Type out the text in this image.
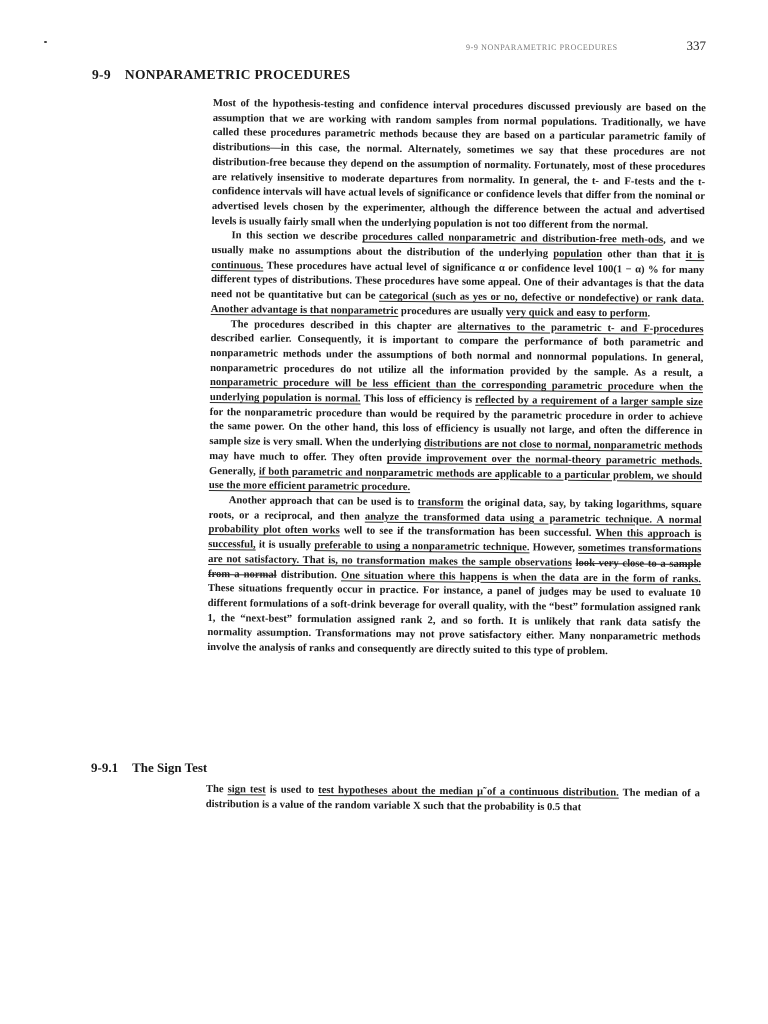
9-9 NONPARAMETRIC PROCEDURES	337
9-9 NONPARAMETRIC PROCEDURES

Most of the hypothesis-testing and confidence interval procedures discussed previously are based on the assumption that we are working with random samples from normal populations. Traditionally, we have called these procedures parametric methods because they are based on a particular parametric family of distributions—in this case, the normal. Alternately, sometimes we say that these procedures are not distribution-free because they depend on the assumption of normality. Fortunately, most of these procedures are relatively insensitive to moderate departures from normality. In general, the t- and F-tests and the t-confidence intervals will have actual levels of significance or confidence levels that differ from the nominal or advertised levels chosen by the experimenter, although the difference between the actual and advertised levels is usually fairly small when the underlying population is not too different from the normal.

In this section we describe procedures called nonparametric and distribution-free meth-ods, and we usually make no assumptions about the distribution of the underlying population other than that it is continuous. These procedures have actual level of significance α or confidence level 100(1 − α) % for many different types of distributions. These procedures have some appeal. One of their advantages is that the data need not be quantitative but can be categorical (such as yes or no, defective or nondefective) or rank data. Another advantage is that nonparametric procedures are usually very quick and easy to perform.

The procedures described in this chapter are alternatives to the parametric t- and F-procedures described earlier. Consequently, it is important to compare the performance of both parametric and nonparametric methods under the assumptions of both normal and nonnormal populations. In general, nonparametric procedures do not utilize all the information provided by the sample. As a result, a nonparametric procedure will be less efficient than the corresponding parametric procedure when the underlying population is normal. This loss of efficiency is reflected by a requirement of a larger sample size for the nonparametric procedure than would be required by the parametric procedure in order to achieve the same power. On the other hand, this loss of efficiency is usually not large, and often the difference in sample size is very small. When the underlying distributions are not close to normal, nonparametric methods may have much to offer. They often provide improvement over the normal-theory parametric methods. Generally, if both parametric and nonparametric methods are applicable to a particular problem, we should use the more efficient parametric procedure.

Another approach that can be used is to transform the original data, say, by taking logarithms, square roots, or a reciprocal, and then analyze the transformed data using a parametric technique. A normal probability plot often works well to see if the transformation has been successful. When this approach is successful, it is usually preferable to using a nonparametric technique. However, sometimes transformations are not satisfactory. That is, no transformation makes the sample observations look very close to a sample from a normal distribution. One situation where this happens is when the data are in the form of ranks. These situations frequently occur in practice. For instance, a panel of judges may be used to evaluate 10 different formulations of a soft-drink beverage for overall quality, with the “best” formulation assigned rank 1, the “next-best” formulation assigned rank 2, and so forth. It is unlikely that rank data satisfy the normality assumption. Transformations may not prove satisfactory either. Many nonparametric methods involve the analysis of ranks and consequently are directly suited to this type of problem.

9-9.1 The Sign Test

The sign test is used to test hypotheses about the median μ̃ of a continuous distribution. The median of a distribution is a value of the random variable X such that the probability is 0.5 that
